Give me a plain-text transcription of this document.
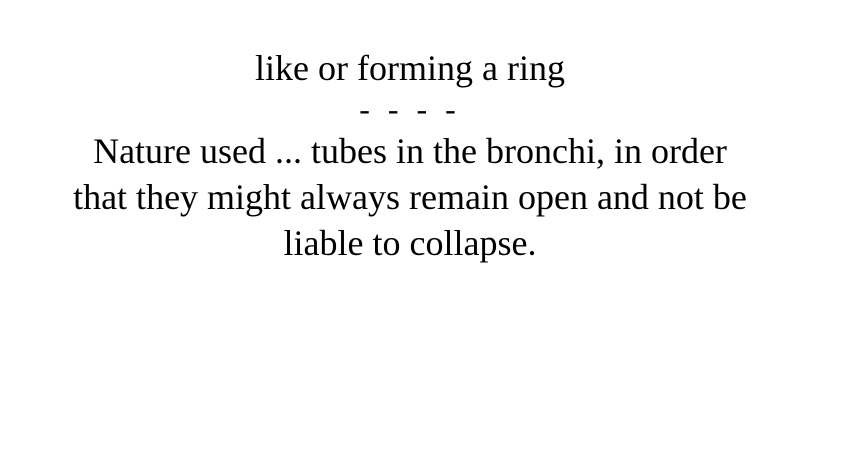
like or forming a ring
- - - -
Nature used ... tubes in the bronchi, in order
that they might always remain open and not be
liable to collapse.
